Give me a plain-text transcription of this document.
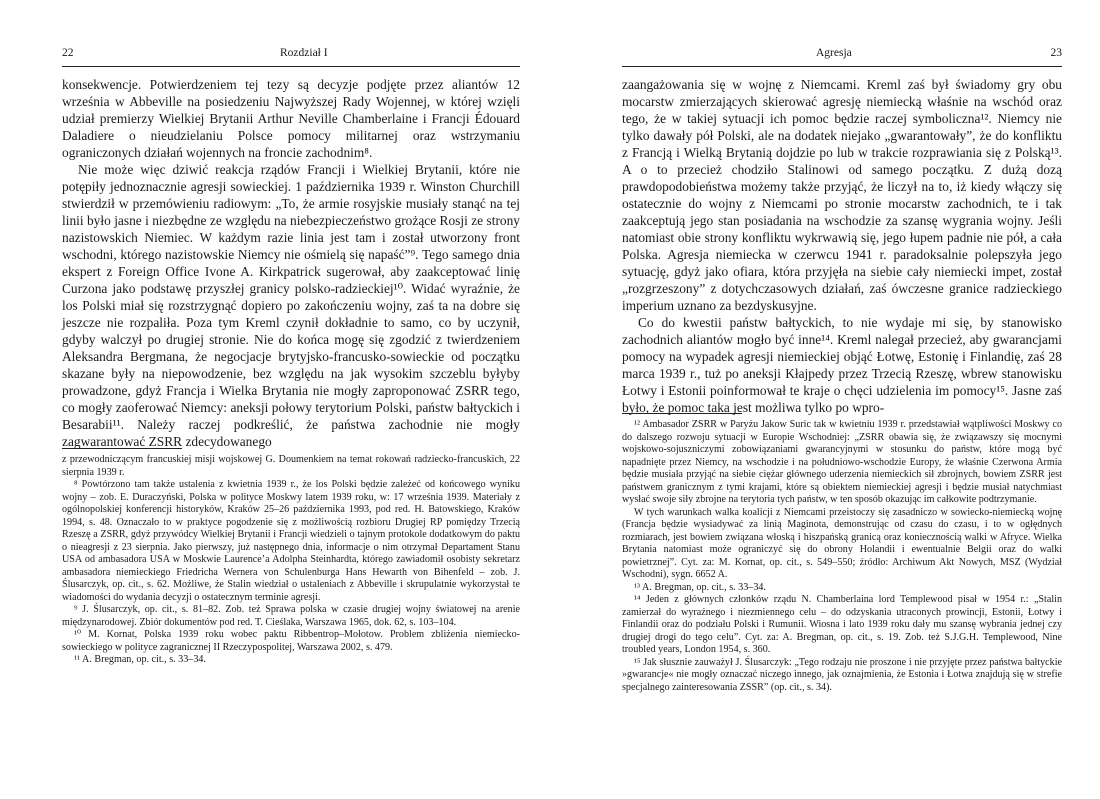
22	Rozdział I

konsekwencje. Potwierdzeniem tej tezy są decyzje podjęte przez aliantów 12 września w Abbeville na posiedzeniu Najwyższej Rady Wojennej, w której wzięli udział premierzy Wielkiej Brytanii Arthur Neville Chamberlaine i Francji Édouard Daladiere o nieudzielaniu Polsce pomocy militarnej oraz wstrzymaniu ograniczonych działań wojennych na froncie zachodnim⁸.

Nie może więc dziwić reakcja rządów Francji i Wielkiej Brytanii, które nie potępiły jednoznacznie agresji sowieckiej. 1 października 1939 r. Winston Churchill stwierdził w przemówieniu radiowym: „To, że armie rosyjskie musiały stanąć na tej linii było jasne i niezbędne ze względu na niebezpieczeństwo grożące Rosji ze strony nazistowskich Niemiec. W każdym razie linia jest tam i został utworzony front wschodni, którego nazistowskie Niemcy nie ośmielą się napaść”⁹. Tego samego dnia ekspert z Foreign Office Ivone A. Kirkpatrick sugerował, aby zaakceptować linię Curzona jako podstawę przyszłej granicy polsko-radzieckiej¹⁰. Widać wyraźnie, że los Polski miał się rozstrzygnąć dopiero po zakończeniu wojny, zaś ta na dobre się jeszcze nie rozpaliła. Poza tym Kreml czynił dokładnie to samo, co by uczynił, gdyby walczył po drugiej stronie. Nie do końca mogę się zgodzić z twierdzeniem Aleksandra Bergmana, że negocjacje brytyjsko-francusko-sowieckie od początku skazane były na niepowodzenie, bez względu na jak wysokim szczeblu byłyby prowadzone, gdyż Francja i Wielka Brytania nie mogły zaproponować ZSRR tego, co mogły zaoferować Niemcy: aneksji połowy terytorium Polski, państw bałtyckich i Besarabii¹¹. Należy raczej podkreślić, że państwa zachodnie nie mogły zagwarantować ZSRR zdecydowanego

z przewodniczącym francuskiej misji wojskowej G. Doumenkiem na temat rokowań radziecko-francuskich, 22 sierpnia 1939 r.

⁸ Powtórzono tam także ustalenia z kwietnia 1939 r., że los Polski będzie zależeć od końcowego wyniku wojny – zob. E. Duraczyński, Polska w polityce Moskwy latem 1939 roku, w: 17 września 1939. Materiały z ogólnopolskiej konferencji historyków, Kraków 25–26 października 1993, pod red. H. Batowskiego, Kraków 1994, s. 48. Oznaczało to w praktyce pogodzenie się z możliwością rozbioru Drugiej RP pomiędzy Trzecią Rzeszę a ZSRR, gdyż przywódcy Wielkiej Brytanii i Francji wiedzieli o tajnym protokole dodatkowym do paktu o nieagresji z 23 sierpnia. Jako pierwszy, już następnego dnia, informacje o nim otrzymał Departament Stanu USA od ambasadora USA w Moskwie Laurence’a Adolpha Steinhardta, którego zawiadomił osobisty sekretarz ambasadora niemieckiego Friedricha Wernera von Schulenburga Hans Hewarth von Bihenfeld – zob. J. Ślusarczyk, op. cit., s. 62. Możliwe, że Stalin wiedział o ustaleniach z Abbeville i skrupulatnie wykorzystał te wiadomości do wydania decyzji o ostatecznym terminie agresji.

⁹ J. Ślusarczyk, op. cit., s. 81–82. Zob. też Sprawa polska w czasie drugiej wojny światowej na arenie międzynarodowej. Zbiór dokumentów pod red. T. Cieślaka, Warszawa 1965, dok. 62, s. 103–104.

¹⁰ M. Kornat, Polska 1939 roku wobec paktu Ribbentrop–Mołotow. Problem zbliżenia niemiecko-sowieckiego w polityce zagranicznej II Rzeczypospolitej, Warszawa 2002, s. 479.

¹¹ A. Bregman, op. cit., s. 33–34.

Agresja	23

zaangażowania się w wojnę z Niemcami. Kreml zaś był świadomy gry obu mocarstw zmierzających skierować agresję niemiecką właśnie na wschód oraz tego, że w takiej sytuacji ich pomoc będzie raczej symboliczna¹². Niemcy nie tylko dawały pół Polski, ale na dodatek niejako „gwarantowały”, że do konfliktu z Francją i Wielką Brytanią dojdzie po lub w trakcie rozprawiania się z Polską¹³. A o to przecież chodziło Stalinowi od samego początku. Z dużą dozą prawdopodobieństwa możemy także przyjąć, że liczył na to, iż kiedy włączy się ostatecznie do wojny z Niemcami po stronie mocarstw zachodnich, te i tak zaakceptują jego stan posiadania na wschodzie za szansę wygrania wojny. Jeśli natomiast obie strony konfliktu wykrwawią się, jego łupem padnie nie pół, a cała Polska. Agresja niemiecka w czerwcu 1941 r. paradoksalnie polepszyła jego sytuację, gdyż jako ofiara, która przyjęła na siebie cały niemiecki impet, został „rozgrzeszony” z dotychczasowych działań, zaś ówczesne granice radzieckiego imperium uznano za bezdyskusyjne.

Co do kwestii państw bałtyckich, to nie wydaje mi się, by stanowisko zachodnich aliantów mogło być inne¹⁴. Kreml nalegał przecież, aby gwarancjami pomocy na wypadek agresji niemieckiej objąć Łotwę, Estonię i Finlandię, zaś 28 marca 1939 r., tuż po aneksji Kłajpedy przez Trzecią Rzeszę, wbrew stanowisku Łotwy i Estonii poinformował te kraje o chęci udzielenia im pomocy¹⁵. Jasne zaś było, że pomoc taka jest możliwa tylko po wpro-

¹² Ambasador ZSRR w Paryżu Jakow Suric tak w kwietniu 1939 r. przedstawiał wątpliwości Moskwy co do dalszego rozwoju sytuacji w Europie Wschodniej: „ZSRR obawia się, że związawszy się mocnymi wojskowo-sojuszniczymi zobowiązaniami gwarancyjnymi w stosunku do państw, które mogą być napadnięte przez Niemcy, na wschodzie i na południowo-wschodzie Europy, że właśnie Czerwona Armia będzie musiała przyjąć na siebie ciężar głównego uderzenia niemieckich sił zbrojnych, bowiem ZSRR jest państwem granicznym z tymi krajami, które są obiektem niemieckiej agresji i będzie musiał natychmiast wysłać swoje siły zbrojne na terytoria tych państw, w ten sposób okazując im całkowite podtrzymanie.

W tych warunkach walka koalicji z Niemcami przeistoczy się zasadniczo w sowiecko-niemiecką wojnę (Francja będzie wysiadywać za linią Maginota, demonstrując od czasu do czasu, i to w ogłędnych rozmiarach, jest bowiem związana włoską i hiszpańską granicą oraz koniecznością walki w Afryce. Wielka Brytania natomiast może ograniczyć się do obrony Holandii i ewentualnie Belgii oraz do walki powietrznej”. Cyt. za: M. Kornat, op. cit., s. 549–550; źródło: Archiwum Akt Nowych, MSZ (Wydział Wschodni), sygn. 6652 A.

¹³ A. Bregman, op. cit., s. 33–34.

¹⁴ Jeden z głównych członków rządu N. Chamberlaina lord Templewood pisał w 1954 r.: „Stalin zamierzał do wyraźnego i niezmiennego celu – do odzyskania utraconych prowincji, Estonii, Łotwy i Finlandii oraz do podziału Polski i Rumunii. Wiosna i lato 1939 roku dały mu szansę wybrania jednej czy drugiej drogi do tego celu”. Cyt. za: A. Bregman, op. cit., s. 19. Zob. też S.J.G.H. Templewood, Nine troubled years, London 1954, s. 360.

¹⁵ Jak słusznie zauważył J. Ślusarczyk: „Tego rodzaju nie proszone i nie przyjęte przez państwa bałtyckie »gwarancje« nie mogły oznaczać niczego innego, jak oznajmienia, że Estonia i Łotwa znajdują się w strefie specjalnego zainteresowania ZSSR” (op. cit., s. 34).
